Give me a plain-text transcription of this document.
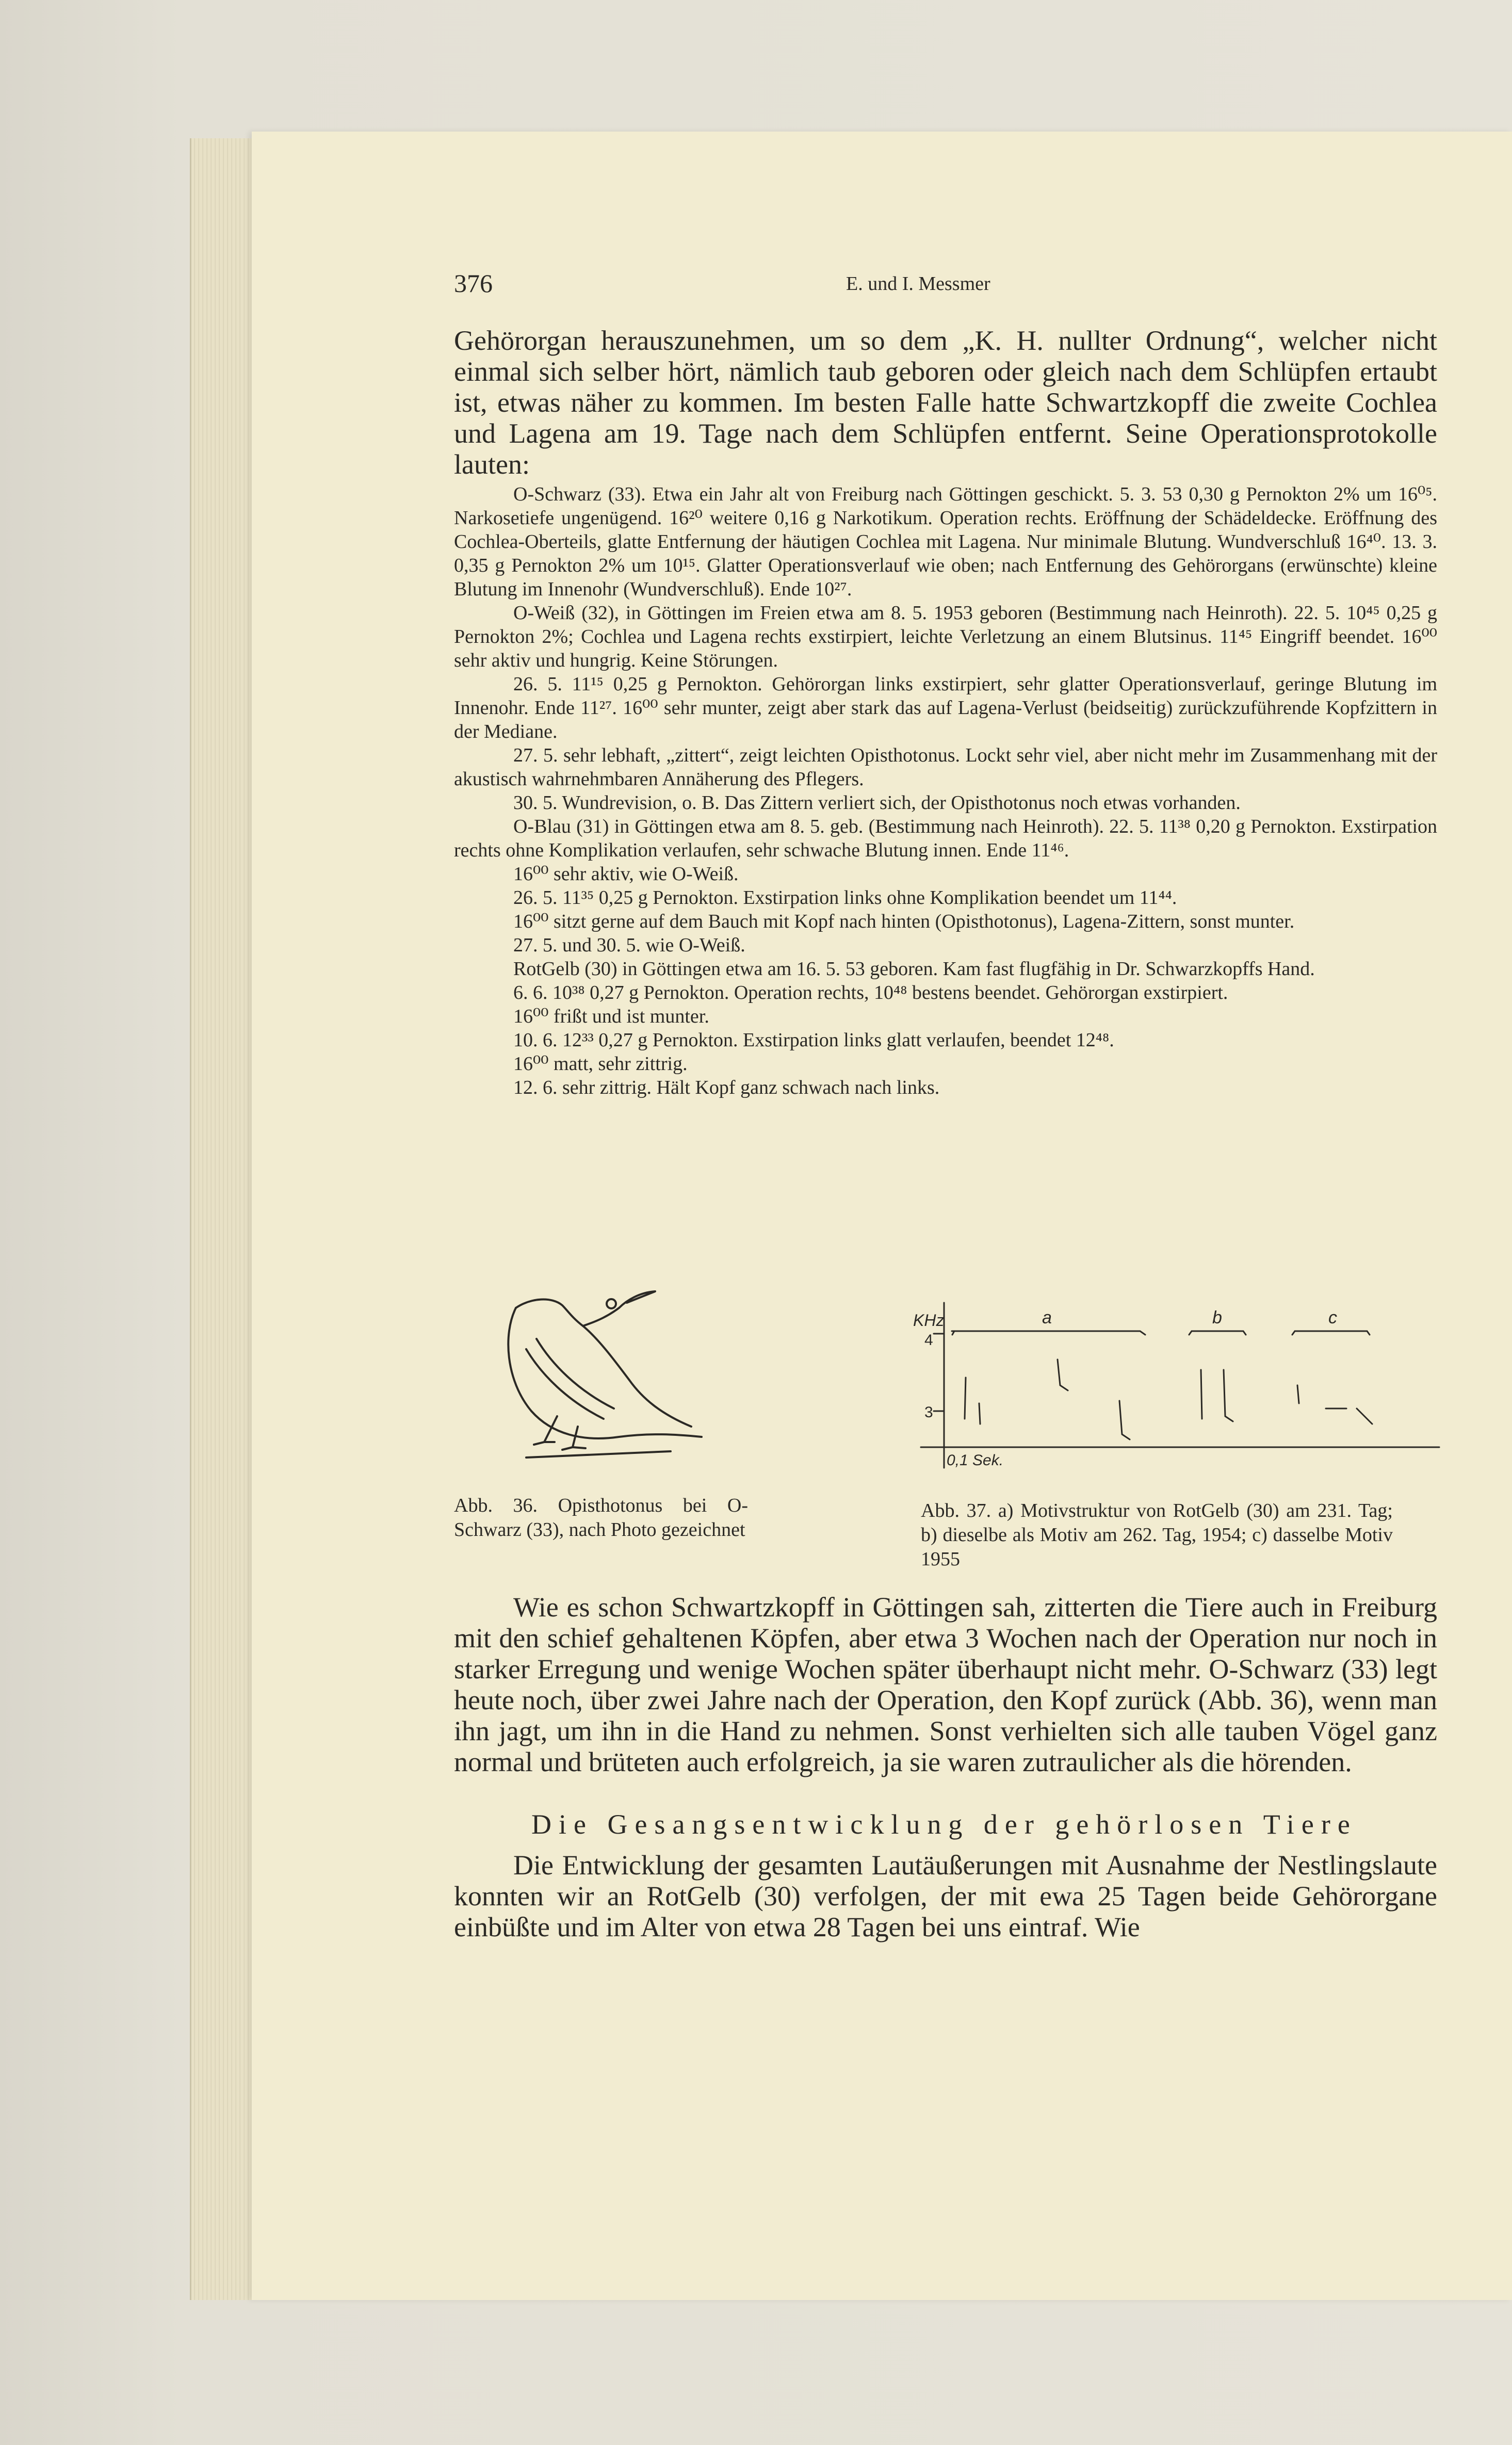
376	E. und I. Messmer

Gehörorgan herauszunehmen, um so dem „K. H. nullter Ordnung“, welcher nicht einmal sich selber hört, nämlich taub geboren oder gleich nach dem Schlüpfen ertaubt ist, etwas näher zu kommen. Im besten Falle hatte Schwartzkopff die zweite Cochlea und Lagena am 19. Tage nach dem Schlüpfen entfernt. Seine Operationsprotokolle lauten:

O-Schwarz (33). Etwa ein Jahr alt von Freiburg nach Göttingen geschickt. 5. 3. 53 0,30 g Pernokton 2% um 16⁰⁵. Narkosetiefe ungenügend. 16²⁰ weitere 0,16 g Narkotikum. Operation rechts. Eröffnung der Schädeldecke. Eröffnung des Cochlea-Oberteils, glatte Entfernung der häutigen Cochlea mit Lagena. Nur minimale Blutung. Wundverschluß 16⁴⁰. 13. 3. 0,35 g Pernokton 2% um 10¹⁵. Glatter Operationsverlauf wie oben; nach Entfernung des Gehörorgans (erwünschte) kleine Blutung im Innenohr (Wundverschluß). Ende 10²⁷.

O-Weiß (32), in Göttingen im Freien etwa am 8. 5. 1953 geboren (Bestimmung nach Heinroth). 22. 5. 10⁴⁵ 0,25 g Pernokton 2%; Cochlea und Lagena rechts exstirpiert, leichte Verletzung an einem Blutsinus. 11⁴⁵ Eingriff beendet. 16⁰⁰ sehr aktiv und hungrig. Keine Störungen.

26. 5. 11¹⁵ 0,25 g Pernokton. Gehörorgan links exstirpiert, sehr glatter Operationsverlauf, geringe Blutung im Innenohr. Ende 11²⁷. 16⁰⁰ sehr munter, zeigt aber stark das auf Lagena-Verlust (beidseitig) zurückzuführende Kopfzittern in der Mediane.

27. 5. sehr lebhaft, „zittert“, zeigt leichten Opisthotonus. Lockt sehr viel, aber nicht mehr im Zusammenhang mit der akustisch wahrnehmbaren Annäherung des Pflegers.

30. 5. Wundrevision, o. B. Das Zittern verliert sich, der Opisthotonus noch etwas vorhanden.

O-Blau (31) in Göttingen etwa am 8. 5. geb. (Bestimmung nach Heinroth). 22. 5. 11³⁸ 0,20 g Pernokton. Exstirpation rechts ohne Komplikation verlaufen, sehr schwache Blutung innen. Ende 11⁴⁶.

16⁰⁰ sehr aktiv, wie O-Weiß.

26. 5. 11³⁵ 0,25 g Pernokton. Exstirpation links ohne Komplikation beendet um 11⁴⁴.

16⁰⁰ sitzt gerne auf dem Bauch mit Kopf nach hinten (Opisthotonus), Lagena-Zittern, sonst munter.

27. 5. und 30. 5. wie O-Weiß.

RotGelb (30) in Göttingen etwa am 16. 5. 53 geboren. Kam fast flugfähig in Dr. Schwarzkopffs Hand.

6. 6. 10³⁸ 0,27 g Pernokton. Operation rechts, 10⁴⁸ bestens beendet. Gehörorgan exstirpiert.

16⁰⁰ frißt und ist munter.

10. 6. 12³³ 0,27 g Pernokton. Exstirpation links glatt verlaufen, beendet 12⁴⁸.

16⁰⁰ matt, sehr zittrig.

12. 6. sehr zittrig. Hält Kopf ganz schwach nach links.

Abb. 36. Opisthotonus bei O-Schwarz (33), nach Photo gezeichnet
KHz
4
3
0,1 Sek.
a	b	c
Abb. 37. a) Motivstruktur von RotGelb (30) am 231. Tag; b) dieselbe als Motiv am 262. Tag, 1954; c) dasselbe Motiv 1955

Wie es schon Schwartzkopff in Göttingen sah, zitterten die Tiere auch in Freiburg mit den schief gehaltenen Köpfen, aber etwa 3 Wochen nach der Operation nur noch in starker Erregung und wenige Wochen später überhaupt nicht mehr. O-Schwarz (33) legt heute noch, über zwei Jahre nach der Operation, den Kopf zurück (Abb. 36), wenn man ihn jagt, um ihn in die Hand zu nehmen. Sonst verhielten sich alle tauben Vögel ganz normal und brüteten auch erfolgreich, ja sie waren zutraulicher als die hörenden.

Die Gesangsentwicklung der gehörlosen Tiere

Die Entwicklung der gesamten Lautäußerungen mit Ausnahme der Nestlingslaute konnten wir an RotGelb (30) verfolgen, der mit ewa 25 Tagen beide Gehörorgane einbüßte und im Alter von etwa 28 Tagen bei uns eintraf. Wie
